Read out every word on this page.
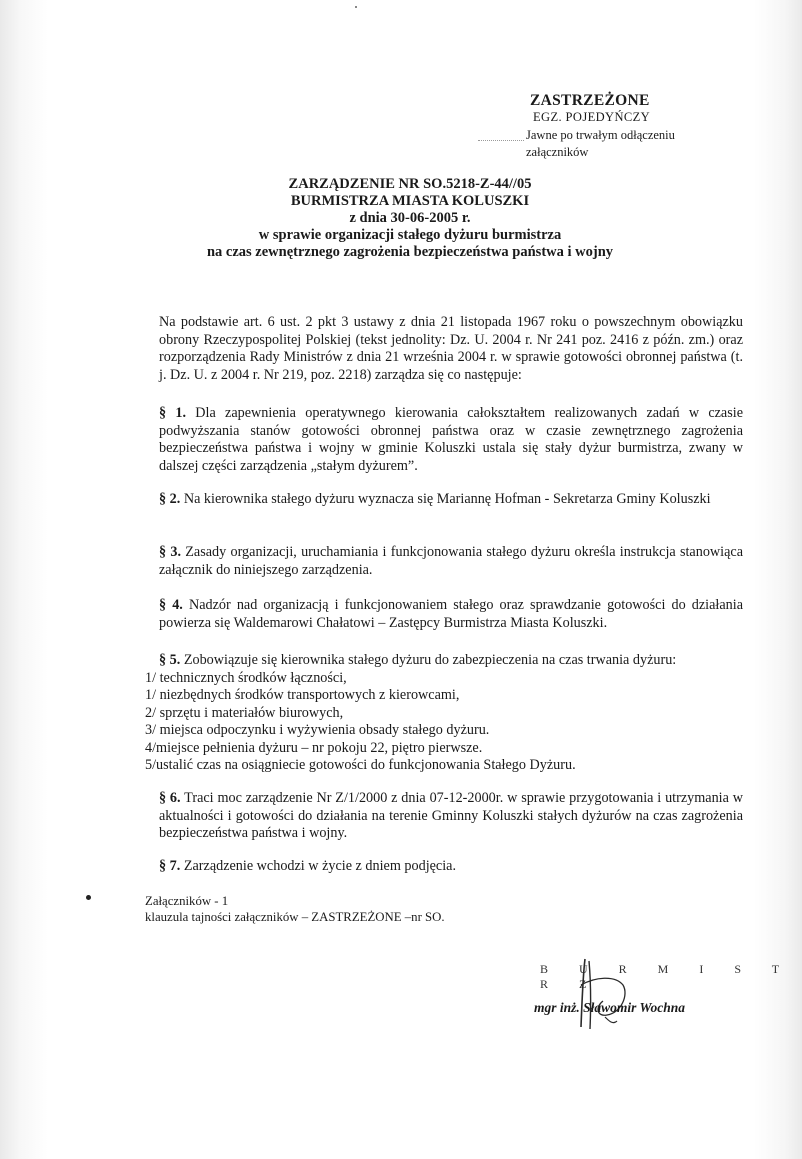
ZASTRZEŻONE
EGZ. POJEDYŃCZY
Jawne po trwałym odłączeniu załączników
ZARZĄDZENIE NR SO.5218-Z-44//05
BURMISTRZA MIASTA KOLUSZKI
z dnia 30-06-2005 r.
w sprawie organizacji stałego dyżuru burmistrza
na czas zewnętrznego zagrożenia bezpieczeństwa państwa i wojny
Na podstawie art. 6 ust. 2 pkt 3 ustawy z dnia 21 listopada 1967 roku o powszechnym obowiązku obrony Rzeczypospolitej Polskiej (tekst jednolity: Dz. U. 2004 r. Nr 241 poz. 2416 z późn. zm.) oraz rozporządzenia Rady Ministrów z dnia 21 września 2004 r. w sprawie gotowości obronnej państwa (t. j. Dz. U. z 2004 r. Nr 219, poz. 2218) zarządza się co następuje:
§ 1. Dla zapewnienia operatywnego kierowania całokształtem realizowanych zadań w czasie podwyższania stanów gotowości obronnej państwa oraz w czasie zewnętrznego zagrożenia bezpieczeństwa państwa i wojny w gminie Koluszki ustala się stały dyżur burmistrza, zwany w dalszej części zarządzenia „stałym dyżurem”.
§ 2. Na kierownika stałego dyżuru wyznacza się Mariannę Hofman - Sekretarza Gminy Koluszki
§ 3. Zasady organizacji, uruchamiania i funkcjonowania stałego dyżuru określa instrukcja stanowiąca załącznik do niniejszego zarządzenia.
§ 4. Nadzór nad organizacją i funkcjonowaniem stałego oraz sprawdzanie gotowości do działania powierza się Waldemarowi Chałatowi – Zastępcy Burmistrza Miasta Koluszki.
§ 5. Zobowiązuje się kierownika stałego dyżuru do zabezpieczenia na czas trwania dyżuru:
1/ technicznych środków łączności,
1/ niezbędnych środków transportowych z kierowcami,
2/ sprzętu i materiałów biurowych,
3/ miejsca odpoczynku i wyżywienia obsady stałego dyżuru.
4/miejsce pełnienia dyżuru – nr pokoju 22, piętro pierwsze.
5/ustalić czas na osiągniecie gotowości do funkcjonowania Stałego Dyżuru.
§ 6. Traci moc zarządzenie Nr Z/1/2000 z dnia 07-12-2000r. w sprawie przygotowania i utrzymania w aktualności i gotowości do działania na terenie Gminny Koluszki stałych dyżurów na czas zagrożenia bezpieczeństwa państwa i wojny.
§ 7. Zarządzenie wchodzi w życie z dniem podjęcia.
Załączników - 1
klauzula tajności załączników – ZASTRZEŻONE –nr SO.
B U R M I S T R Z
mgr inż. Sławomir Wochna
